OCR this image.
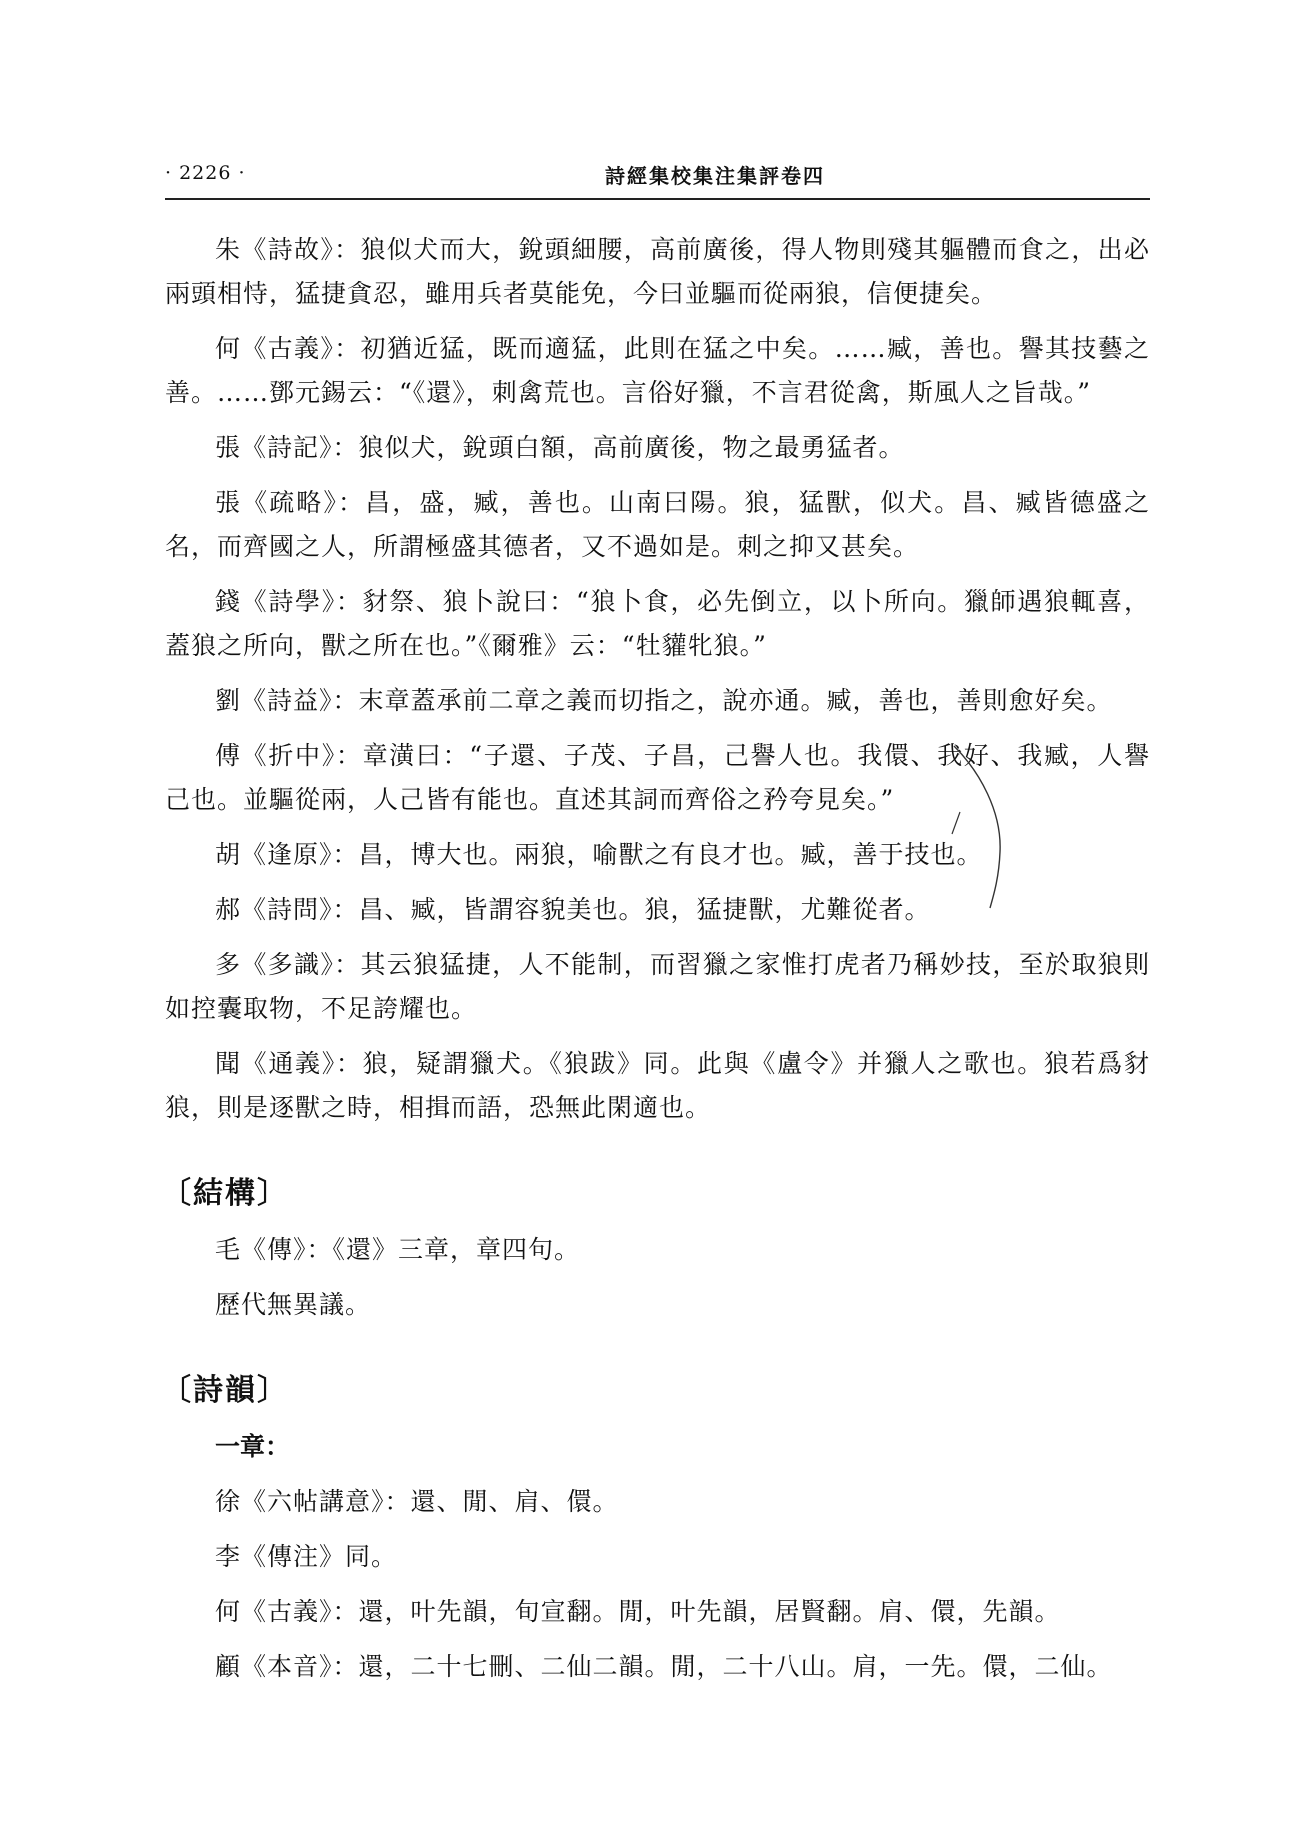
· 2226 ·	詩經集校集注集評卷四

朱《詩故》：狼似犬而大，銳頭細腰，高前廣後，得人物則殘其軀體而食之，出必兩頭相恃，猛捷貪忍，雖用兵者莫能免，今曰並驅而從兩狼，信便捷矣。

何《古義》：初猶近猛，既而適猛，此則在猛之中矣。……臧，善也。譽其技藝之善。……鄧元錫云：“《還》，刺禽荒也。言俗好獵，不言君從禽，斯風人之旨哉。”

張《詩記》：狼似犬，銳頭白額，高前廣後，物之最勇猛者。

張《疏略》：昌，盛，臧，善也。山南曰陽。狼，猛獸，似犬。昌、臧皆德盛之名，而齊國之人，所謂極盛其德者，又不過如是。刺之抑又甚矣。

錢《詩學》：豺祭、狼卜說曰：“狼卜食，必先倒立，以卜所向。獵師遇狼輒喜，蓋狼之所向，獸之所在也。”《爾雅》云：“牡貛牝狼。”

劉《詩益》：末章蓋承前二章之義而切指之，說亦通。臧，善也，善則愈好矣。

傅《折中》：章潢曰：“子還、子茂、子昌，己譽人也。我儇、我好、我臧，人譽己也。並驅從兩，人己皆有能也。直述其詞而齊俗之矜夸見矣。”

胡《逢原》：昌，博大也。兩狼，喻獸之有良才也。臧，善于技也。

郝《詩問》：昌、臧，皆謂容貌美也。狼，猛捷獸，尤難從者。

多《多識》：其云狼猛捷，人不能制，而習獵之家惟打虎者乃稱妙技，至於取狼則如控囊取物，不足誇耀也。

聞《通義》：狼，疑謂獵犬。《狼跋》同。此與《盧令》并獵人之歌也。狼若爲豺狼，則是逐獸之時，相揖而語，恐無此閑適也。

〔結構〕

毛《傳》：《還》三章，章四句。

歷代無異議。

〔詩韻〕
一章：

徐《六帖講意》：還、閒、肩、儇。

李《傳注》同。

何《古義》：還，叶先韻，旬宣翻。閒，叶先韻，居賢翻。肩、儇，先韻。

顧《本音》：還，二十七刪、二仙二韻。閒，二十八山。肩，一先。儇，二仙。
